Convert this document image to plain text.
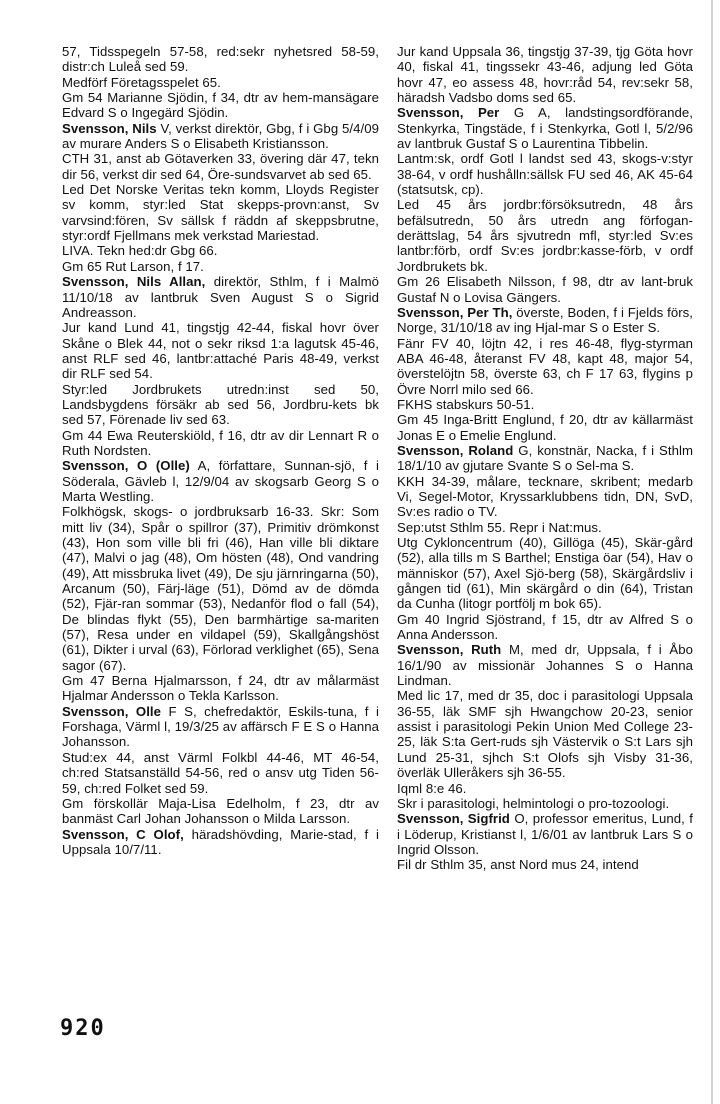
57, Tidsspegeln 57-58, red:sekr nyhetsred 58-59, distr:ch Luleå sed 59.

Medförf Företagsspelet 65.

Gm 54 Marianne Sjödin, f 34, dtr av hem-mansägare Edvard S o Ingegärd Sjödin.

Svensson, Nils V, verkst direktör, Gbg, f i Gbg 5/4/09 av murare Anders S o Elisabeth Kristiansson.

CTH 31, anst ab Götaverken 33, övering där 47, tekn dir 56, verkst dir sed 64, Öre-sundsvarvet ab sed 65.

Led Det Norske Veritas tekn komm, Lloyds Register sv komm, styr:led Stat skepps-provn:anst, Sv varvsind:fören, Sv sällsk f räddn af skeppsbrutne, styr:ordf Fjellmans mek verkstad Mariestad.

LIVA. Tekn hed:dr Gbg 66.

Gm 65 Rut Larson, f 17.

Svensson, Nils Allan, direktör, Sthlm, f i Malmö 11/10/18 av lantbruk Sven August S o Sigrid Andreasson.

Jur kand Lund 41, tingstjg 42-44, fiskal hovr över Skåne o Blek 44, not o sekr riksd 1:a lagutsk 45-46, anst RLF sed 46, lantbr:attaché Paris 48-49, verkst dir RLF sed 54.

Styr:led Jordbrukets utredn:inst sed 50, Landsbygdens försäkr ab sed 56, Jordbru-kets bk sed 57, Förenade liv sed 63.

Gm 44 Ewa Reuterskiöld, f 16, dtr av dir Lennart R o Ruth Nordsten.

Svensson, O (Olle) A, författare, Sunnan-sjö, f i Söderala, Gävleb l, 12/9/04 av skogsarb Georg S o Marta Westling.

Folkhögsk, skogs- o jordbruksarb 16-33. Skr: Som mitt liv (34), Spår o spillror (37), Primitiv drömkonst (43), Hon som ville bli fri (46), Han ville bli diktare (47), Malvi o jag (48), Om hösten (48), Ond vandring (49), Att missbruka livet (49), De sju järnringarna (50), Arcanum (50), Färj-läge (51), Dömd av de dömda (52), Fjär-ran sommar (53), Nedanför flod o fall (54), De blindas flykt (55), Den barmhärtige sa-mariten (57), Resa under en vildapel (59), Skallgångshöst (61), Dikter i urval (63), Förlorad verklighet (65), Sena sagor (67).

Gm 47 Berna Hjalmarsson, f 24, dtr av målarmäst Hjalmar Andersson o Tekla Karlsson.

Svensson, Olle F S, chefredaktör, Eskils-tuna, f i Forshaga, Värml l, 19/3/25 av affärsch F E S o Hanna Johansson.

Stud:ex 44, anst Värml Folkbl 44-46, MT 46-54, ch:red Statsanställd 54-56, red o ansv utg Tiden 56-59, ch:red Folket sed 59.

Gm förskollär Maja-Lisa Edelholm, f 23, dtr av banmäst Carl Johan Johansson o Milda Larsson.

Svensson, C Olof, häradshövding, Marie-stad, f i Uppsala 10/7/11.

Jur kand Uppsala 36, tingstjg 37-39, tjg Göta hovr 40, fiskal 41, tingssekr 43-46, adjung led Göta hovr 47, eo assess 48, hovr:råd 54, rev:sekr 58, häradsh Vadsbo doms sed 65.

Svensson, Per G A, landstingsordförande, Stenkyrka, Tingstäde, f i Stenkyrka, Gotl l, 5/2/96 av lantbruk Gustaf S o Laurentina Tibbelin.

Lantm:sk, ordf Gotl l landst sed 43, skogs-v:styr 38-64, v ordf hushålln:sällsk FU sed 46, AK 45-64 (statsutsk, cp).

Led 45 års jordbr:försöksutredn, 48 års befälsutredn, 50 års utredn ang förfogan-derättslag, 54 års sjvutredn mfl, styr:led Sv:es lantbr:förb, ordf Sv:es jordbr:kasse-förb, v ordf Jordbrukets bk.

Gm 26 Elisabeth Nilsson, f 98, dtr av lant-bruk Gustaf N o Lovisa Gängers.

Svensson, Per Th, överste, Boden, f i Fjelds förs, Norge, 31/10/18 av ing Hjal-mar S o Ester S.

Fänr FV 40, löjtn 42, i res 46-48, flyg-styrman ABA 46-48, återanst FV 48, kapt 48, major 54, överstelöjtn 58, överste 63, ch F 17 63, flygins p Övre Norrl milo sed 66.

FKHS stabskurs 50-51.

Gm 45 Inga-Britt Englund, f 20, dtr av källarmäst Jonas E o Emelie Englund.

Svensson, Roland G, konstnär, Nacka, f i Sthlm 18/1/10 av gjutare Svante S o Sel-ma S.

KKH 34-39, målare, tecknare, skribent; medarb Vi, Segel-Motor, Kryssarklubbens tidn, DN, SvD, Sv:es radio o TV.

Sep:utst Sthlm 55. Repr i Nat:mus.

Utg Cykloncentrum (40), Gillöga (45), Skär-gård (52), alla tills m S Barthel; Enstiga öar (54), Hav o människor (57), Axel Sjö-berg (58), Skärgårdsliv i gången tid (61), Min skärgård o din (64), Tristan da Cunha (litogr portfölj m bok 65).

Gm 40 Ingrid Sjöstrand, f 15, dtr av Alfred S o Anna Andersson.

Svensson, Ruth M, med dr, Uppsala, f i Åbo 16/1/90 av missionär Johannes S o Hanna Lindman.

Med lic 17, med dr 35, doc i parasitologi Uppsala 36-55, läk SMF sjh Hwangchow 20-23, senior assist i parasitologi Pekin Union Med College 23-25, läk S:ta Gert-ruds sjh Västervik o S:t Lars sjh Lund 25-31, sjhch S:t Olofs sjh Visby 31-36, överläk Ulleråkers sjh 36-55.

Iqml 8:e 46.

Skr i parasitologi, helmintologi o pro-tozoologi.

Svensson, Sigfrid O, professor emeritus, Lund, f i Löderup, Kristianst l, 1/6/01 av lantbruk Lars S o Ingrid Olsson.

Fil dr Sthlm 35, anst Nord mus 24, intend

920
